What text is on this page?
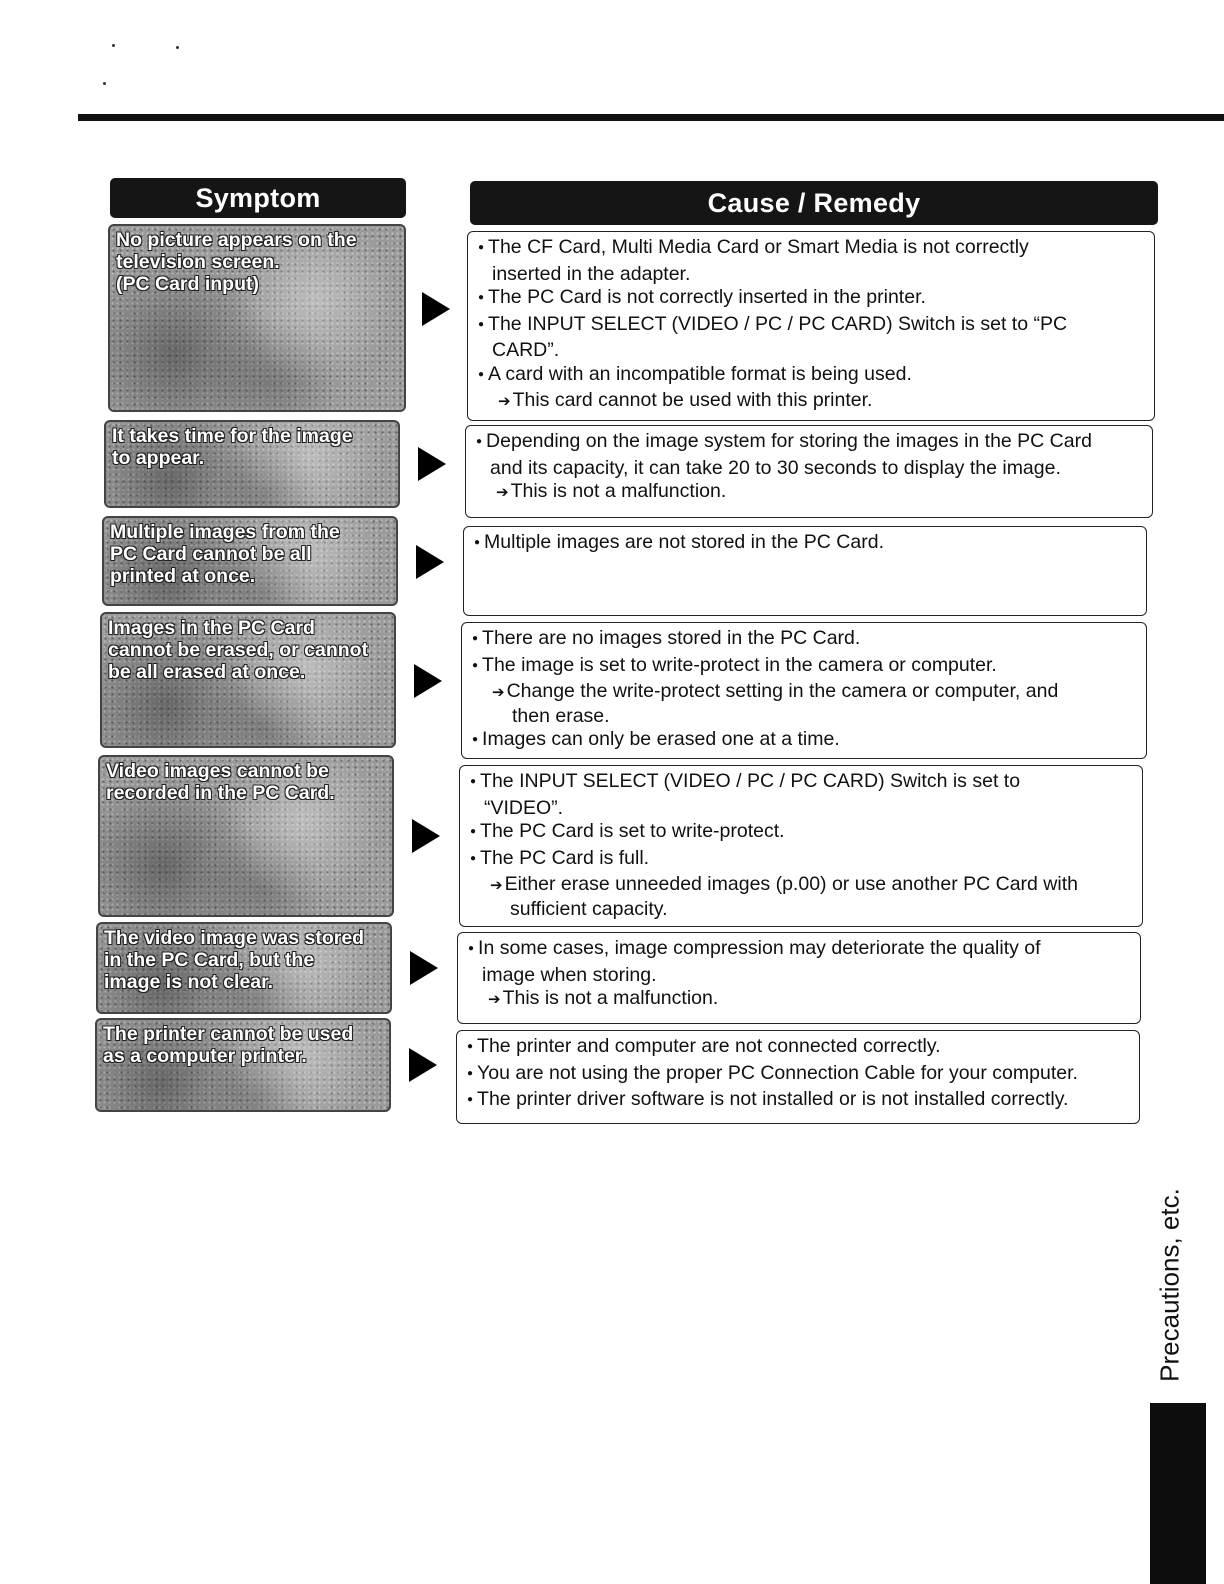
Symptom	Cause / Remedy
No picture appears on the
television screen.
(PC Card input)
● The CF Card, Multi Media Card or Smart Media is not correctly
inserted in the adapter.
● The PC Card is not correctly inserted in the printer.
● The INPUT SELECT (VIDEO / PC / PC CARD) Switch is set to “PC
CARD”.
● A card with an incompatible format is being used.
➔ This card cannot be used with this printer.
It takes time for the image
to appear.
● Depending on the image system for storing the images in the PC Card
and its capacity, it can take 20 to 30 seconds to display the image.
➔ This is not a malfunction.
Multiple images from the
PC Card cannot be all
printed at once.
● Multiple images are not stored in the PC Card.
Images in the PC Card
cannot be erased, or cannot
be all erased at once.
● There are no images stored in the PC Card.
● The image is set to write-protect in the camera or computer.
➔ Change the write-protect setting in the camera or computer, and
then erase.
● Images can only be erased one at a time.
Video images cannot be
recorded in the PC Card.
● The INPUT SELECT (VIDEO / PC / PC CARD) Switch is set to
“VIDEO”.
● The PC Card is set to write-protect.
● The PC Card is full.
➔ Either erase unneeded images (p.00) or use another PC Card with
sufficient capacity.
The video image was stored
in the PC Card, but the
image is not clear.
● In some cases, image compression may deteriorate the quality of
image when storing.
➔ This is not a malfunction.
The printer cannot be used
as a computer printer.
●	The printer and computer are not connected correctly.
● You are not using the proper PC Connection Cable for your computer.
● The printer driver software is not installed or is not installed correctly.
Precautions, etc.
